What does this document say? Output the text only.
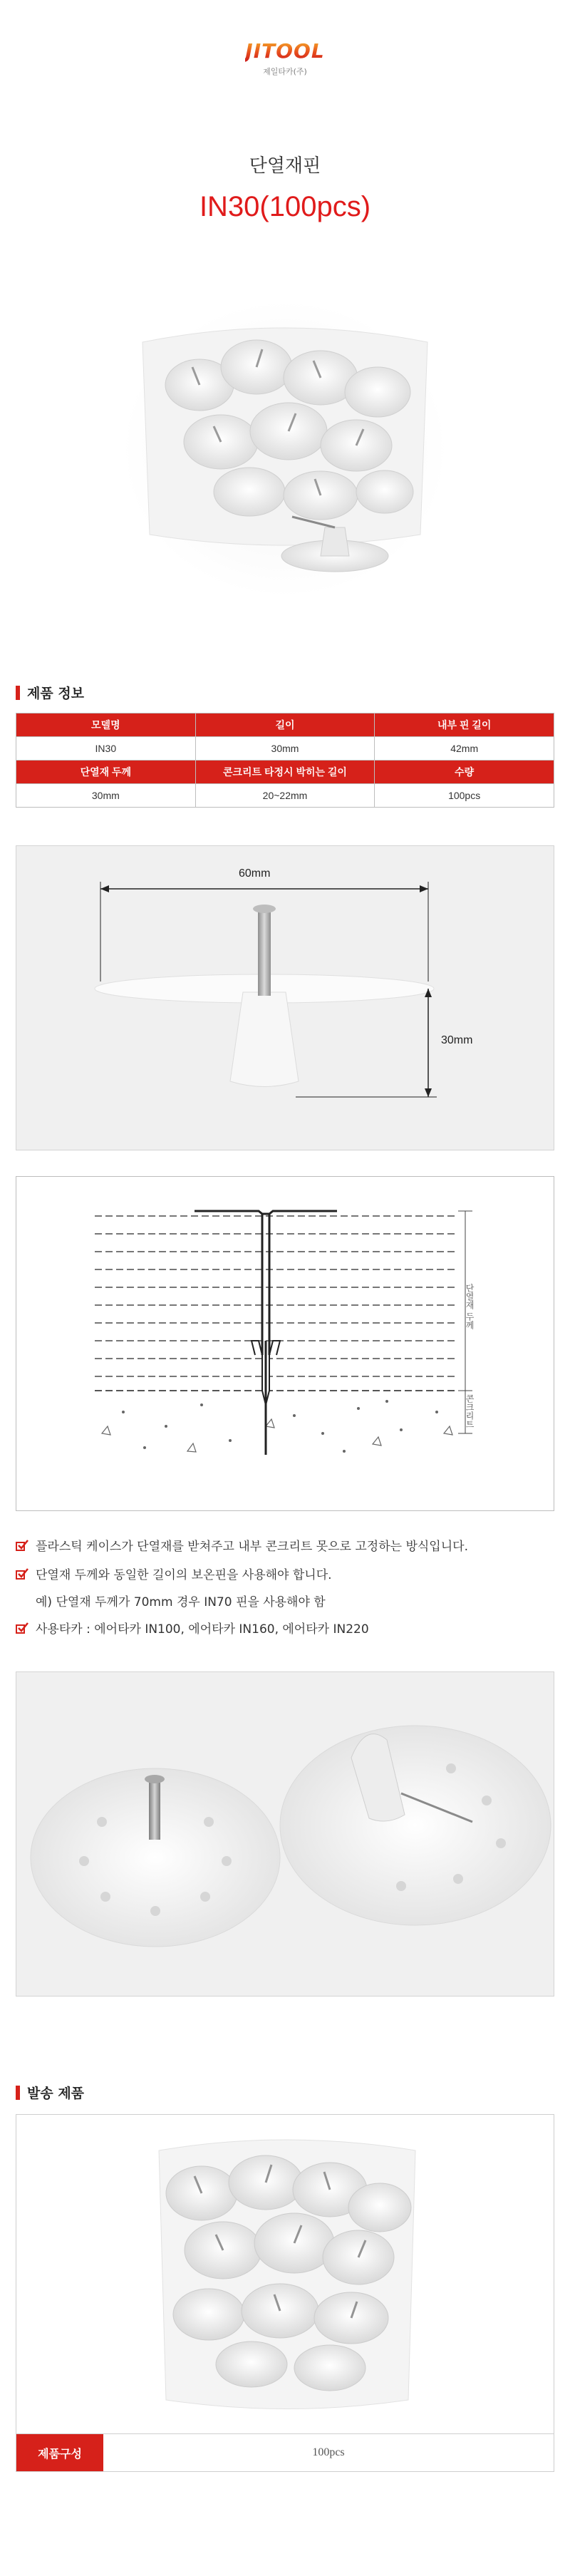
JITOOL
제일타카(주)
단열재핀
IN30(100pcs)
제품 정보
모델명	길이	내부 핀 길이
IN30	30mm	42mm
단열재 두께	콘크리트 타정시 박히는 길이	수량
30mm	20~22mm	100pcs
60mm
30mm
단열재 두께
콘크리트
플라스틱 케이스가 단열재를 받쳐주고 내부 콘크리트 못으로 고정하는 방식입니다.
단열재 두께와 동일한 길이의 보온핀을 사용해야 합니다.
예) 단열재 두께가 70mm 경우 IN70 핀을 사용해야 함
사용타카 : 에어타카 IN100, 에어타카 IN160, 에어타카 IN220
발송 제품
제품구성	100pcs
